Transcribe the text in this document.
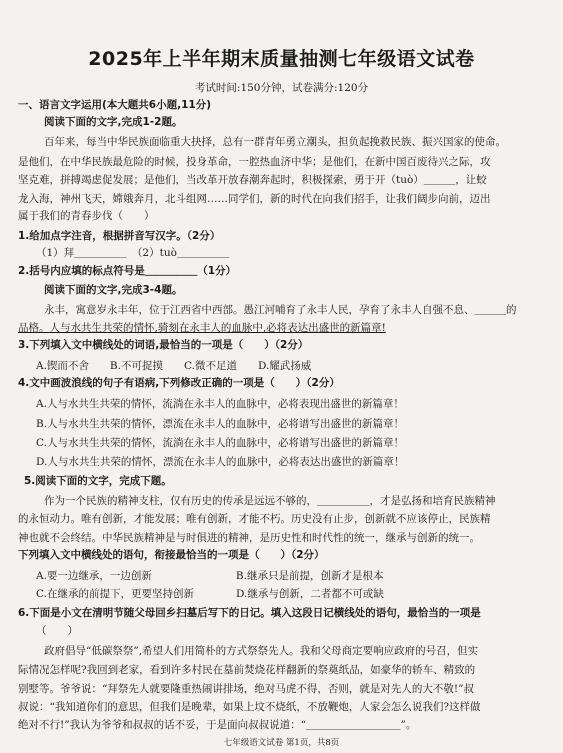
2025年上半年期末质量抽测七年级语文试卷
考试时间:150分钟，试卷满分:120分
一、语言文字运用(本大题共6小题,11分)
阅读下面的文字,完成1-2题。
百年来，每当中华民族面临重大抉择，总有一群青年勇立潮头，担负起挽救民族、振兴国家的使命。
是他们，在中华民族最危险的时候，投身革命，一腔热血济中华；是他们，在新中国百废待兴之际，攻
坚克难，拼搏竭虑促发展；是他们，当改革开放春潮奔起时，积极探索，勇于开（tuò）＿＿＿，让蛟
龙入海，神州飞天，嫦娥奔月，北斗组网……同学们，新的时代在向我们招手，让我们阔步向前，迈出
属于我们的青春步伐（　　）
1.给加点字注音，根据拼音写汉字。（2分）
（1）拜＿＿＿＿＿　（2）tuò＿＿＿＿＿
2.括号内应填的标点符号是＿＿＿＿＿（1分）
阅读下面的文字,完成3-4题。
永丰，寓意岁永丰年，位于江西省中西部。愚江河哺育了永丰人民，孕育了永丰人自强不息、＿＿＿的
品格。人与水共生共荣的情怀,骑刻在永丰人的血脉中,必将表达出盛世的新篇章!
3.下列填入文中横线处的词语,最恰当的一项是（　　）（2分）
A.锲而不舍　　B.不可捉摸　　C.微不足道　　D.耀武扬威
4.文中画波浪线的句子有语病,下列修改正确的一项是（　　）（2分）
A.人与水共生共荣的情怀，流淌在永丰人的血脉中，必将表现出盛世的新篇章！
B.人与水共生共荣的情怀，漂流在永丰人的血脉中，必将谱写出盛世的新篇章！
C.人与水共生共荣的情怀，流淌在永丰人的血脉中，必将谱写出盛世的新篇章！
D.人与水共生共荣的情怀，漂流在永丰人的血脉中，必将表达出盛世的新篇章！
5.阅读下面的文字，完成下题。
作为一个民族的精神支柱，仅有历史的传承是远远不够的，＿＿＿＿＿，才是弘扬和培育民族精神
的永恒动力。唯有创新，才能发展；唯有创新，才能不朽。历史没有止步，创新就不应该停止，民族精
神也就不会终结。中华民族精神是与时俱进的精神，是历史性和时代性的统一，继承与创新的统一。
下列填入文中横线处的语句，衔接最恰当的一项是（　　）（2分）
A.要一边继承，一边创新　　　　　　　　B.继承只是前提，创新才是根本
C.在继承的前提下，更要坚持创新　　　　D.继承与创新，二者都不可或缺
6.下面是小文在清明节随父母回乡扫墓后写下的日记。填入这段日记横线处的语句，最恰当的一项是
（　　）
政府倡导“低碳祭祭”,希望人们用简朴的方式祭祭先人。我和父母商定要响应政府的号召，但实
际情况怎样呢?我回到老家，看到许多村民在墓前焚烧花样翻新的祭奠纸品，如豪华的轿车、精致的
别墅等。爷爷说：“拜祭先人就要隆重热闹讲排场，绝对马虎不得，否则，就是对先人的大不敬!”叔
叔说：“我知道你们的意思，但我们是晚辈，如果上坟不烧纸，不放鞭炮，人家会怎么说我们?这样做
绝对不行!”我认为爷爷和叔叔的话不妥，于是面向叔叔说道：“＿＿＿＿＿＿＿＿＿”。
七年级语文试卷 第1页，共8页
